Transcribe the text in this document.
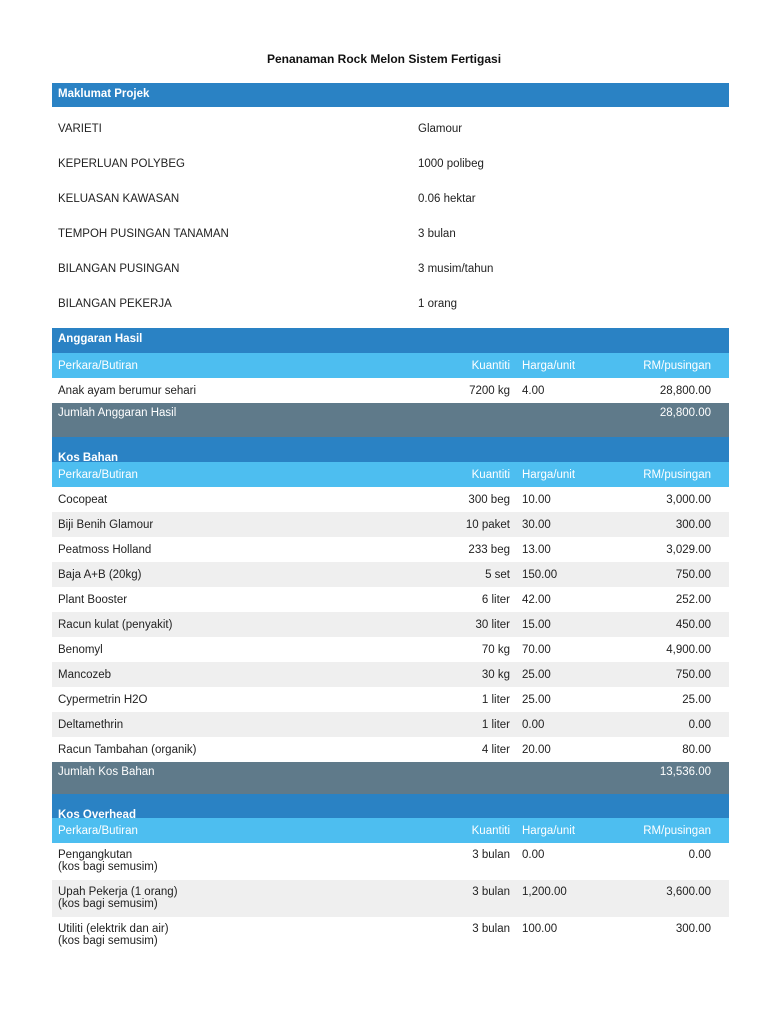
Penanaman Rock Melon Sistem Fertigasi
Maklumat Projek
VARIETI	Glamour
KEPERLUAN POLYBEG	1000 polibeg
KELUASAN KAWASAN	0.06 hektar
TEMPOH PUSINGAN TANAMAN	3 bulan
BILANGAN PUSINGAN	3 musim/tahun
BILANGAN PEKERJA	1 orang
Anggaran Hasil
Perkara/Butiran	Kuantiti	Harga/unit	RM/pusingan
Anak ayam berumur sehari	7200 kg	4.00	28,800.00
Jumlah Anggaran Hasil	28,800.00
Kos Bahan
Perkara/Butiran	Kuantiti	Harga/unit	RM/pusingan
Cocopeat	300 beg	10.00	3,000.00
Biji Benih Glamour	10 paket	30.00	300.00
Peatmoss Holland	233 beg	13.00	3,029.00
Baja A+B (20kg)	5 set	150.00	750.00
Plant Booster	6 liter	42.00	252.00
Racun kulat (penyakit)	30 liter	15.00	450.00
Benomyl	70 kg	70.00	4,900.00
Mancozeb	30 kg	25.00	750.00
Cypermetrin H2O	1 liter	25.00	25.00
Deltamethrin	1 liter	0.00	0.00
Racun Tambahan (organik)	4 liter	20.00	80.00
Jumlah Kos Bahan	13,536.00
Kos Overhead
Perkara/Butiran	Kuantiti	Harga/unit	RM/pusingan
Pengangkutan
(kos bagi semusim)
3 bulan	0.00	0.00
Upah Pekerja (1 orang)
(kos bagi semusim)
3 bulan	1,200.00	3,600.00
Utiliti (elektrik dan air)
(kos bagi semusim)
3 bulan	100.00	300.00
